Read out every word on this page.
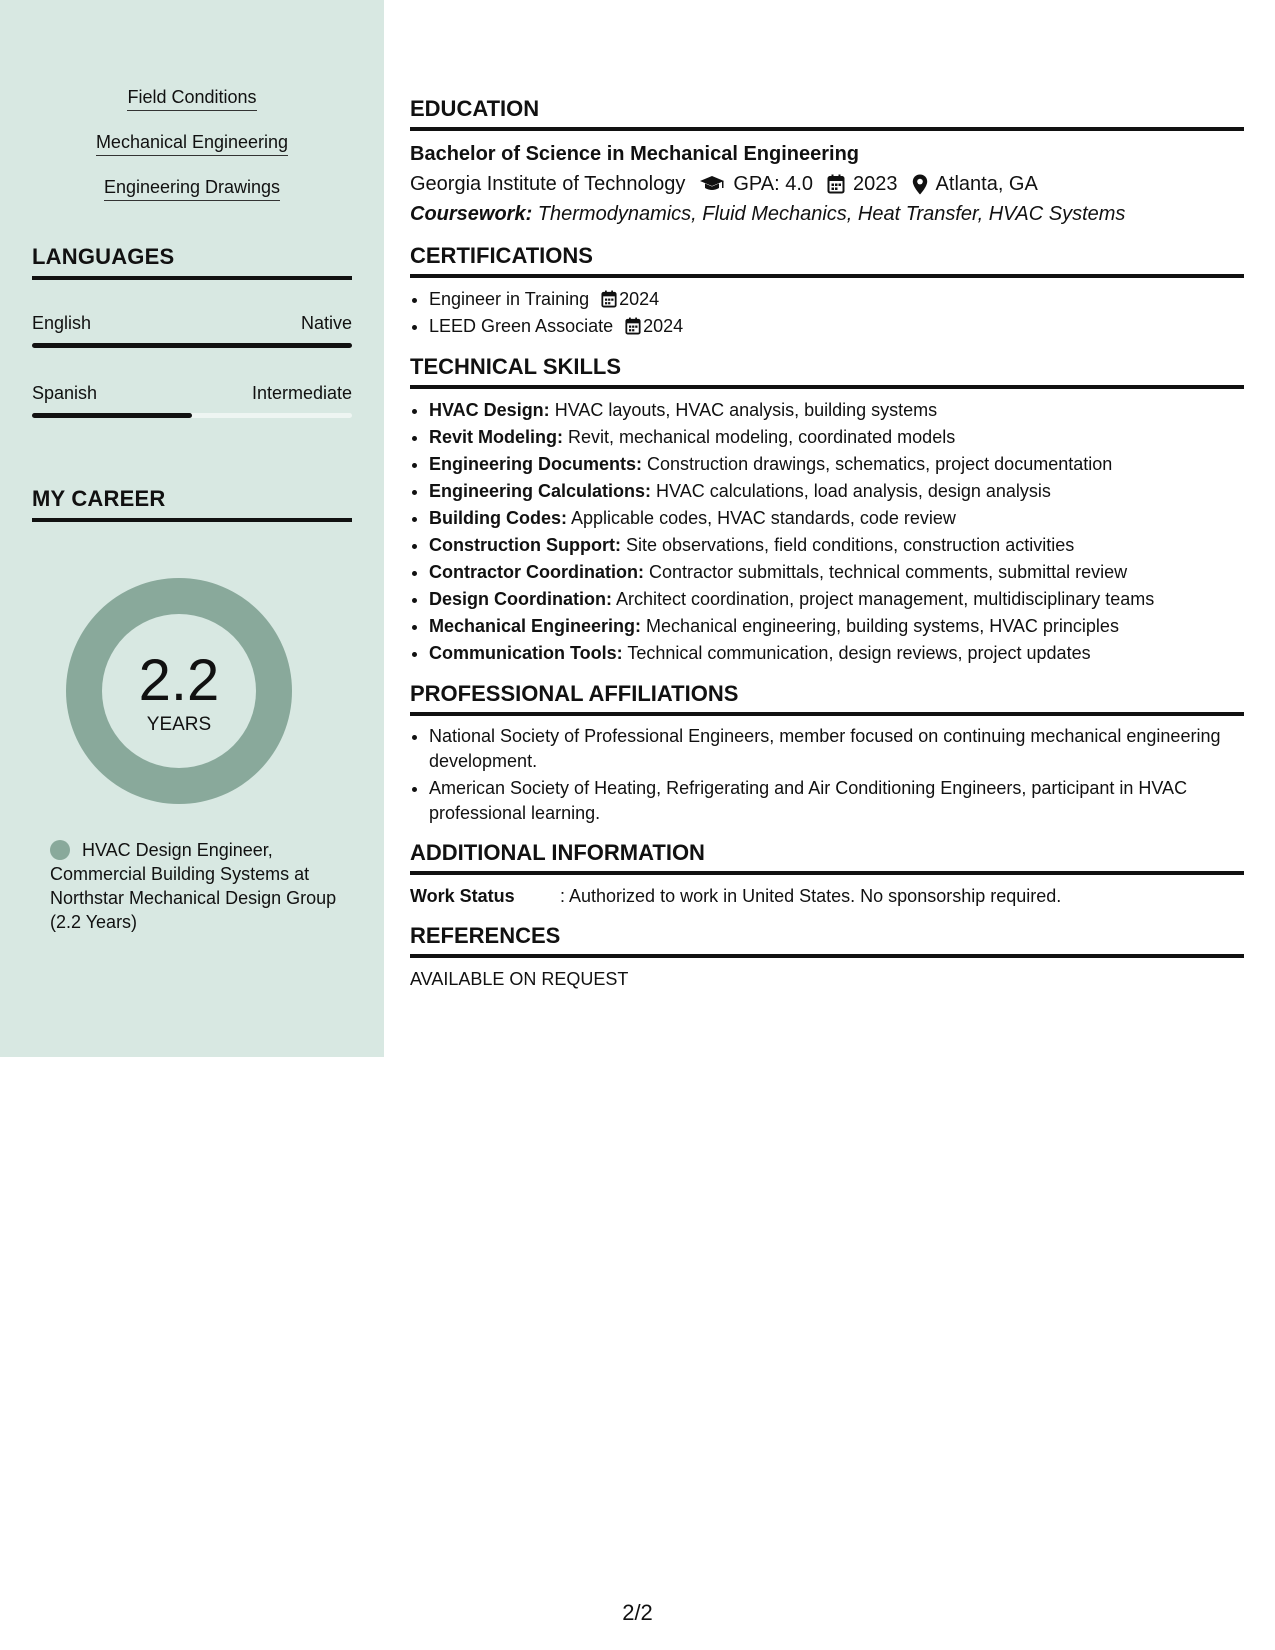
Field Conditions
Mechanical Engineering
Engineering Drawings
LANGUAGES
English	Native
Spanish	Intermediate
MY CAREER
2.2
YEARS
HVAC Design Engineer, Commercial Building Systems at Northstar Mechanical Design Group (2.2 Years)
EDUCATION
Bachelor of Science in Mechanical Engineering
Georgia Institute of Technology GPA: 4.0 2023 Atlanta, GA
Coursework: Thermodynamics, Fluid Mechanics, Heat Transfer, HVAC Systems
CERTIFICATIONS
• Engineer in Training 2024
• LEED Green Associate 2024
TECHNICAL SKILLS
• HVAC Design: HVAC layouts, HVAC analysis, building systems
• Revit Modeling: Revit, mechanical modeling, coordinated models
• Engineering Documents: Construction drawings, schematics, project documentation
• Engineering Calculations: HVAC calculations, load analysis, design analysis
• Building Codes: Applicable codes, HVAC standards, code review
• Construction Support: Site observations, field conditions, construction activities
• Contractor Coordination: Contractor submittals, technical comments, submittal review
• Design Coordination: Architect coordination, project management, multidisciplinary teams
• Mechanical Engineering: Mechanical engineering, building systems, HVAC principles
• Communication Tools: Technical communication, design reviews, project updates
PROFESSIONAL AFFILIATIONS
• National Society of Professional Engineers, member focused on continuing mechanical engineering development.
• American Society of Heating, Refrigerating and Air Conditioning Engineers, participant in HVAC professional learning.
ADDITIONAL INFORMATION
Work Status	: Authorized to work in United States. No sponsorship required.
REFERENCES
AVAILABLE ON REQUEST
2/2
